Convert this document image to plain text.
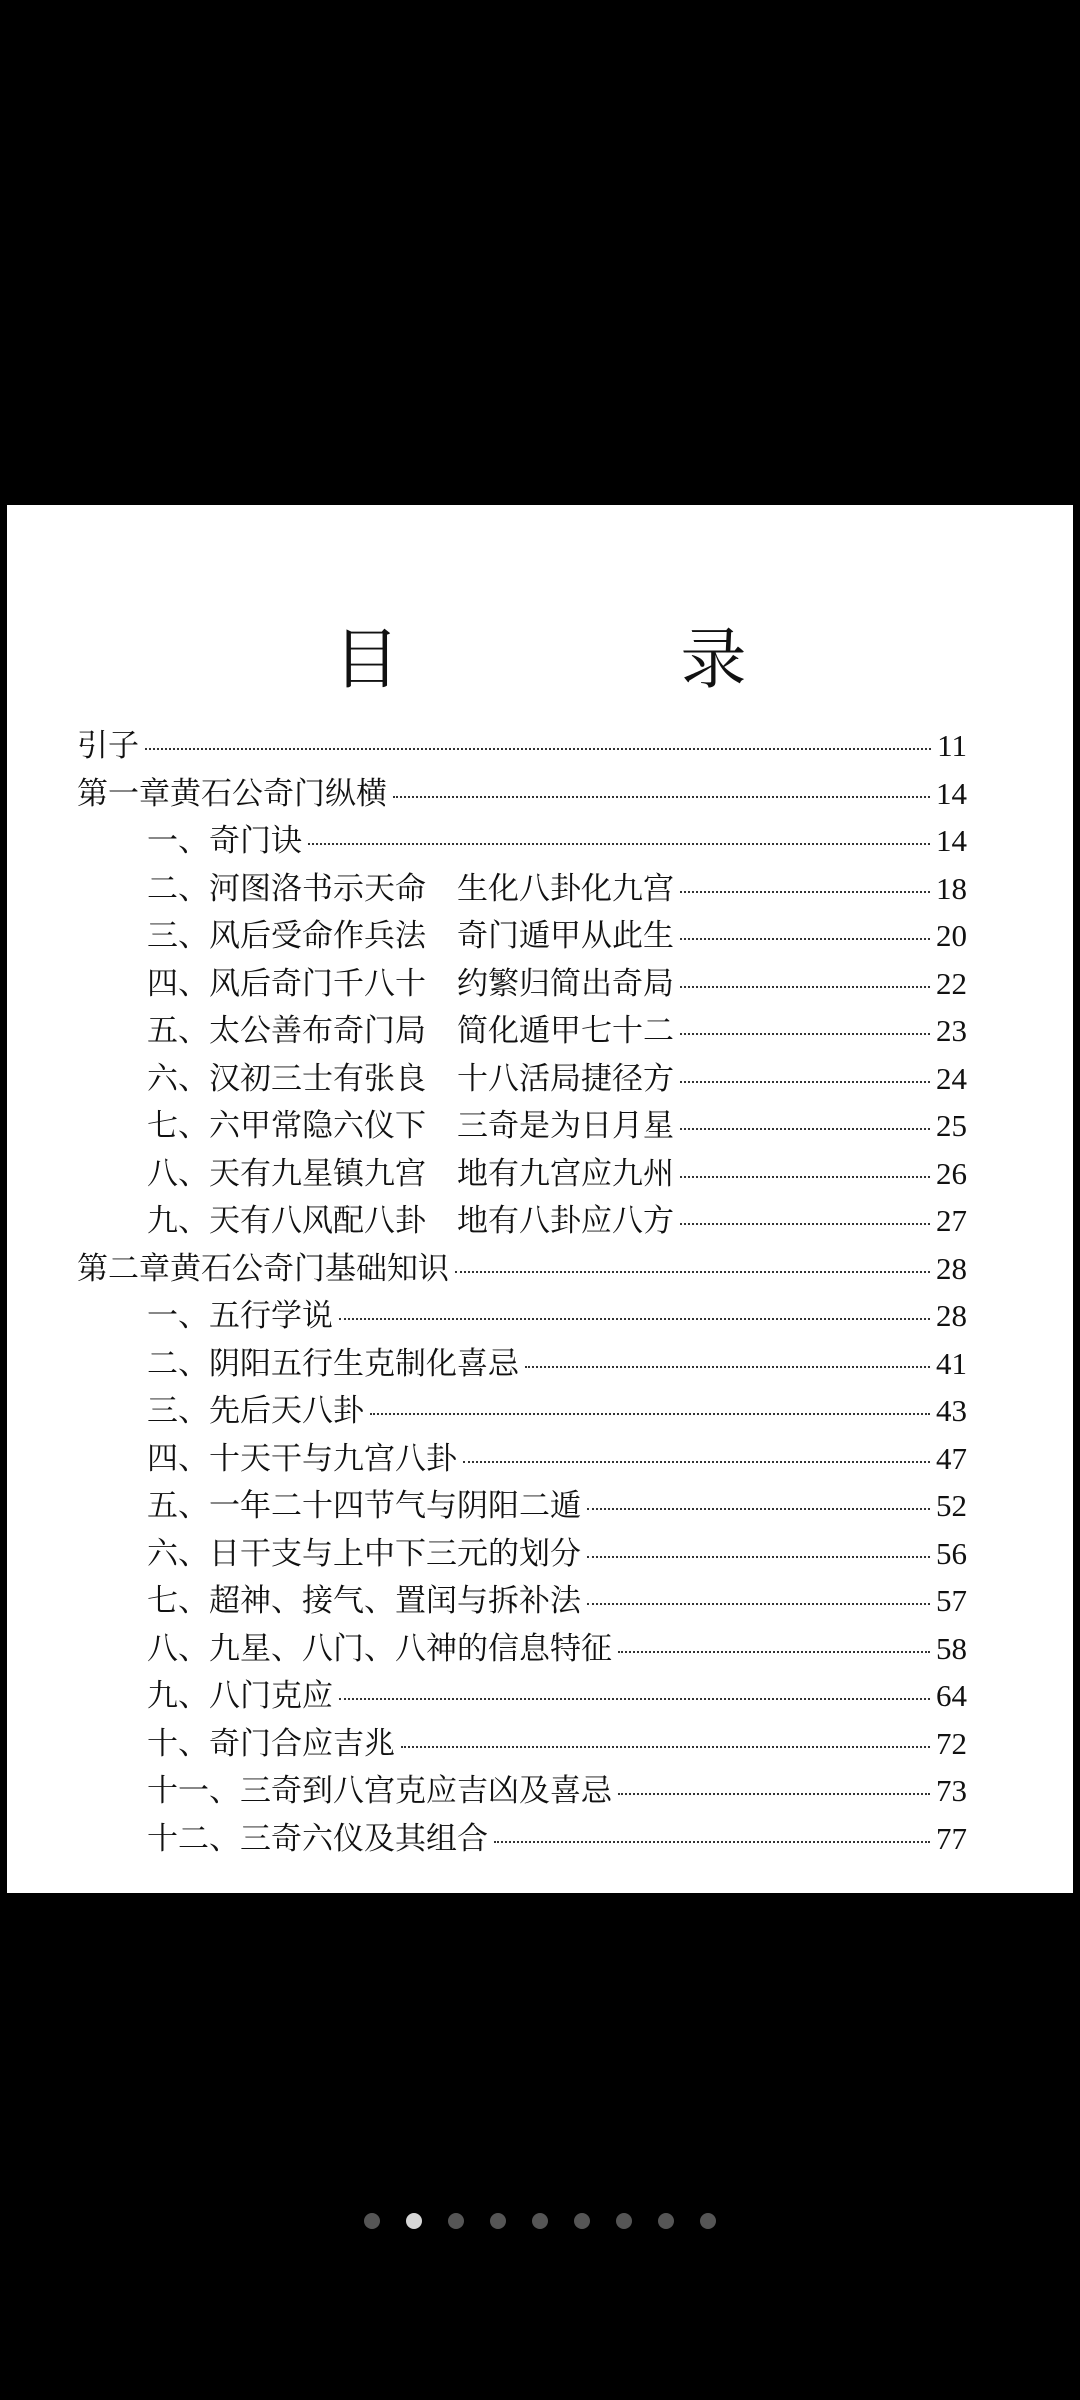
目 录
引子	11
第一章黄石公奇门纵横	14
一、奇门诀	14
二、河图洛书示天命　生化八卦化九宫	18
三、风后受命作兵法　奇门遁甲从此生	20
四、风后奇门千八十　约繁归简出奇局	22
五、太公善布奇门局　简化遁甲七十二	23
六、汉初三士有张良　十八活局捷径方	24
七、六甲常隐六仪下　三奇是为日月星	25
八、天有九星镇九宫　地有九宫应九州	26
九、天有八风配八卦　地有八卦应八方	27
第二章黄石公奇门基础知识	28
一、五行学说	28
二、阴阳五行生克制化喜忌	41
三、先后天八卦	43
四、十天干与九宫八卦	47
五、一年二十四节气与阴阳二遁	52
六、日干支与上中下三元的划分	56
七、超神、接气、置闰与拆补法	57
八、九星、八门、八神的信息特征	58
九、八门克应	64
十、奇门合应吉兆	72
十一、三奇到八宫克应吉凶及喜忌	73
十二、三奇六仪及其组合	77
